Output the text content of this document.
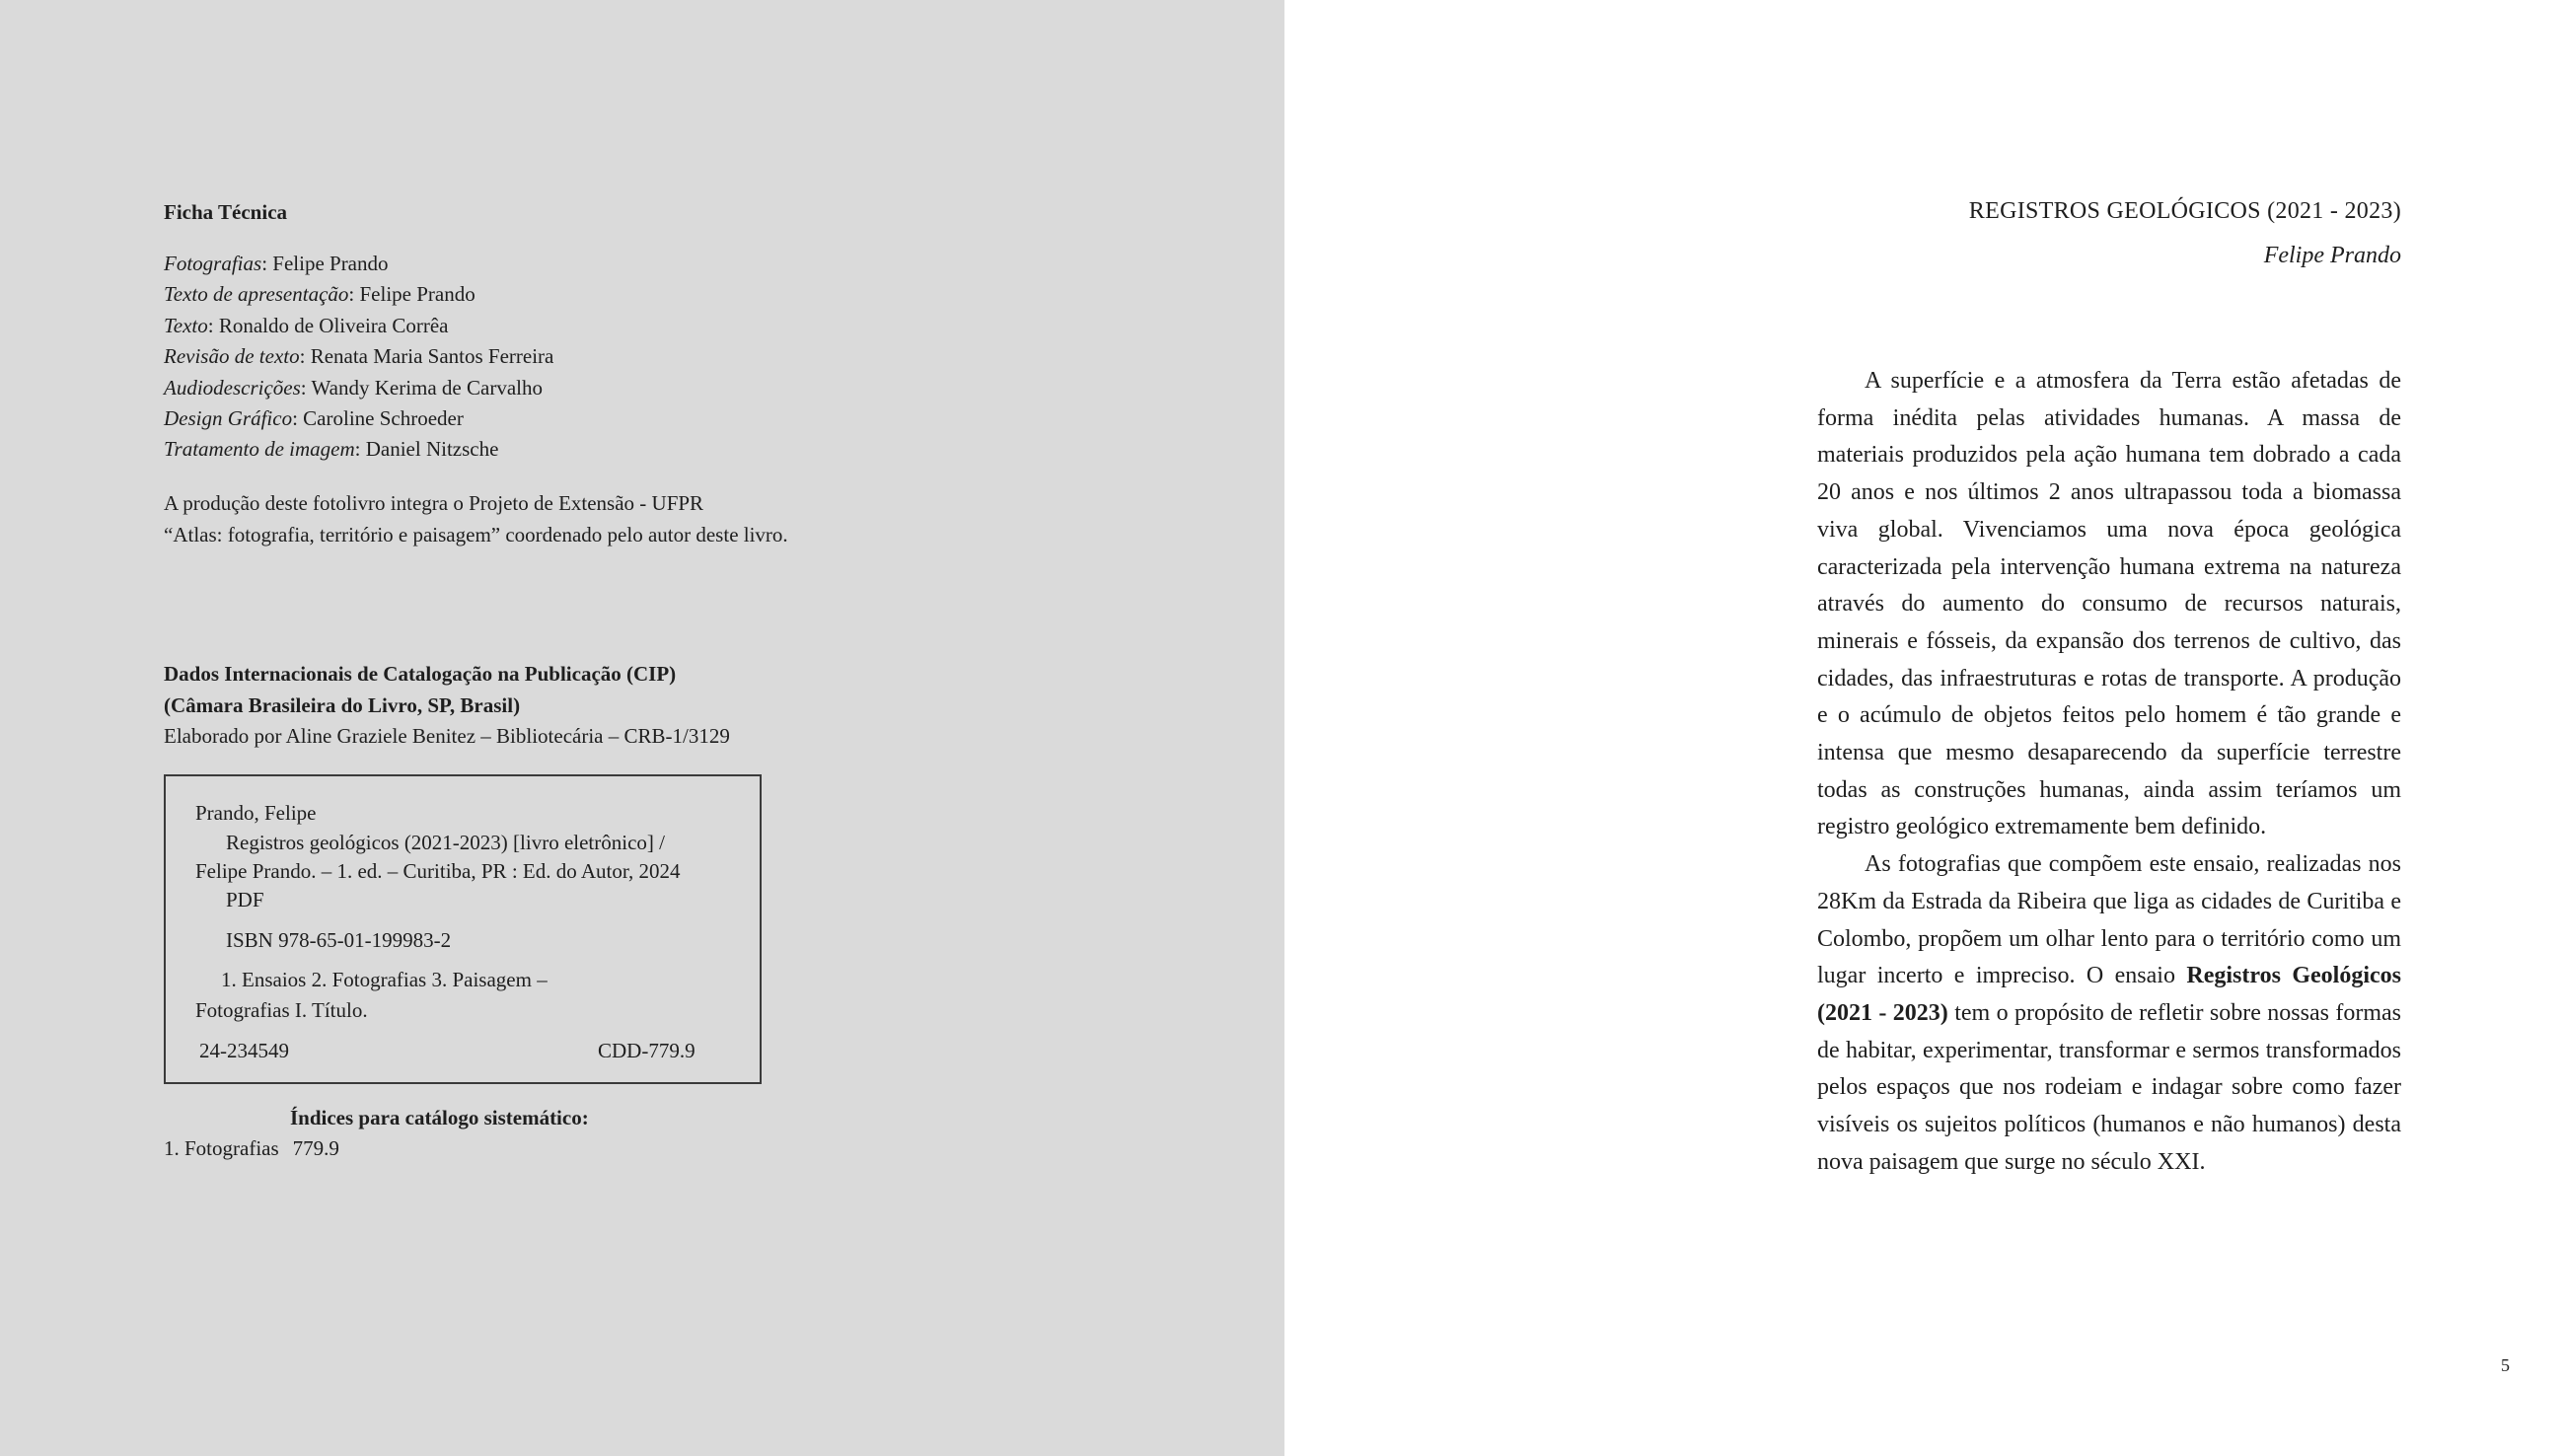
Ficha Técnica
Fotografias: Felipe Prando
Texto de apresentação: Felipe Prando
Texto: Ronaldo de Oliveira Corrêa
Revisão de texto: Renata Maria Santos Ferreira
Audiodescrições: Wandy Kerima de Carvalho
Design Gráfico: Caroline Schroeder
Tratamento de imagem: Daniel Nitzsche
A produção deste fotolivro integra o Projeto de Extensão - UFPR
“Atlas: fotografia, território e paisagem” coordenado pelo autor deste livro.
Dados Internacionais de Catalogação na Publicação (CIP)
(Câmara Brasileira do Livro, SP, Brasil)
Elaborado por Aline Graziele Benitez – Bibliotecária – CRB-1/3129
Prando, Felipe
Registros geológicos (2021-2023) [livro eletrônico] /
Felipe Prando. – 1. ed. – Curitiba, PR : Ed. do Autor, 2024
PDF
ISBN 978-65-01-199983-2
1. Ensaios 2. Fotografias 3. Paisagem –
Fotografias I. Título.
24-234549	CDD-779.9
Índices para catálogo sistemático:
1. Fotografias 779.9
REGISTROS GEOLÓGICOS (2021 - 2023)
Felipe Prando

A superfície e a atmosfera da Terra estão afetadas de forma inédita pelas atividades humanas. A massa de materiais produzidos pela ação humana tem dobrado a cada 20 anos e nos últimos 2 anos ultrapassou toda a biomassa viva global. Vivenciamos uma nova época geológica caracterizada pela intervenção humana extrema na natureza através do aumento do consumo de recursos naturais, minerais e fósseis, da expansão dos terrenos de cultivo, das cidades, das infraestruturas e rotas de transporte. A produção e o acúmulo de objetos feitos pelo homem é tão grande e intensa que mesmo desaparecendo da superfície terrestre todas as construções humanas, ainda assim teríamos um registro geológico extremamente bem definido.

As fotografias que compõem este ensaio, realizadas nos 28Km da Estrada da Ribeira que liga as cidades de Curitiba e Colombo, propõem um olhar lento para o território como um lugar incerto e impreciso. O ensaio Registros Geológicos (2021 - 2023) tem o propósito de refletir sobre nossas formas de habitar, experimentar, transformar e sermos transformados pelos espaços que nos rodeiam e indagar sobre como fazer visíveis os sujeitos políticos (humanos e não humanos) desta nova paisagem que surge no século XXI.

5
